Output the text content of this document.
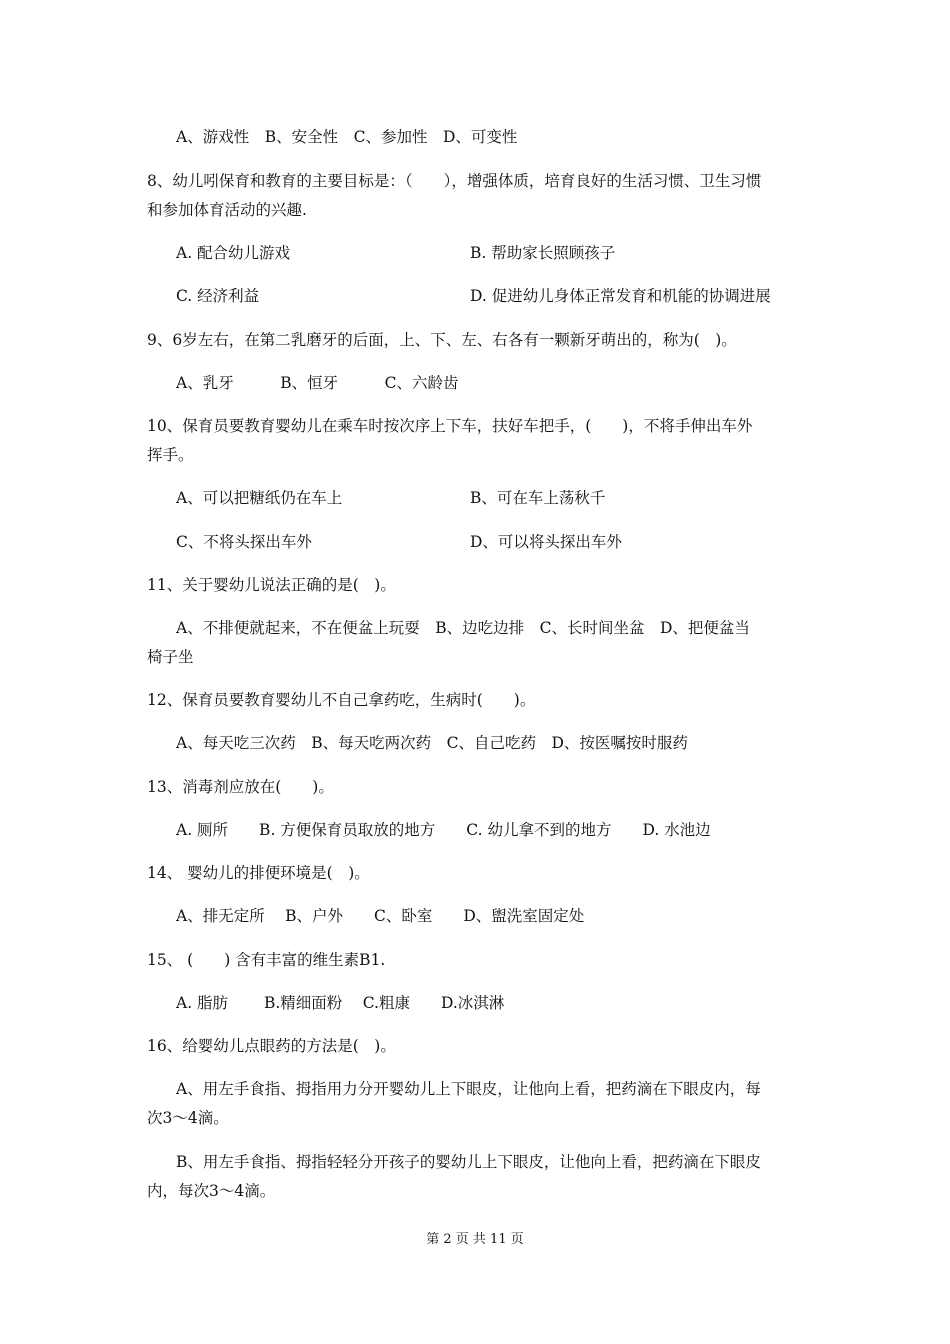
A、游戏性　B、安全性　C、参加性　D、可变性
8、幼儿吲保育和教育的主要目标是：（　　），增强体质，培育良好的生活习惯、卫生习惯
和参加体育活动的兴趣.
A. 配合幼儿游戏	B. 帮助家长照顾孩子
C. 经济利益	D. 促进幼儿身体正常发育和机能的协调进展
9、6岁左右，在第二乳磨牙的后面，上、下、左、右各有一颗新牙萌出的，称为(　)。
A、乳牙　　　B、恒牙　　　C、六龄齿
10、保育员要教育婴幼儿在乘车时按次序上下车，扶好车把手，(　　)，不将手伸出车外
挥手。
A、可以把糖纸仍在车上	B、可在车上荡秋千
C、不将头探出车外	D、可以将头探出车外
11、关于婴幼儿说法正确的是(　)。
A、不排便就起来，不在便盆上玩耍　B、边吃边排　C、长时间坐盆　D、把便盆当
椅子坐
12、保育员要教育婴幼儿不自己拿药吃，生病时(　　)。
A、每天吃三次药　B、每天吃两次药　C、自己吃药　D、按医嘱按时服药
13、消毒剂应放在(　　)。
A. 厕所　　B. 方便保育员取放的地方　　C. 幼儿拿不到的地方　　D. 水池边
14、 婴幼儿的排便环境是(　)。
A、排无定所　 B、户外　　C、卧室　　D、盥洗室固定处
15、 (　　) 含有丰富的维生素B1.
A. 脂肪　　 B.精细面粉　 C.粗康　　D.冰淇淋
16、给婴幼儿点眼药的方法是(　)。
A、用左手食指、拇指用力分开婴幼儿上下眼皮，让他向上看，把药滴在下眼皮内，每
次3～4滴。
B、用左手食指、拇指轻轻分开孩子的婴幼儿上下眼皮，让他向上看，把药滴在下眼皮
内，每次3～4滴。
第 2 页 共 11 页
